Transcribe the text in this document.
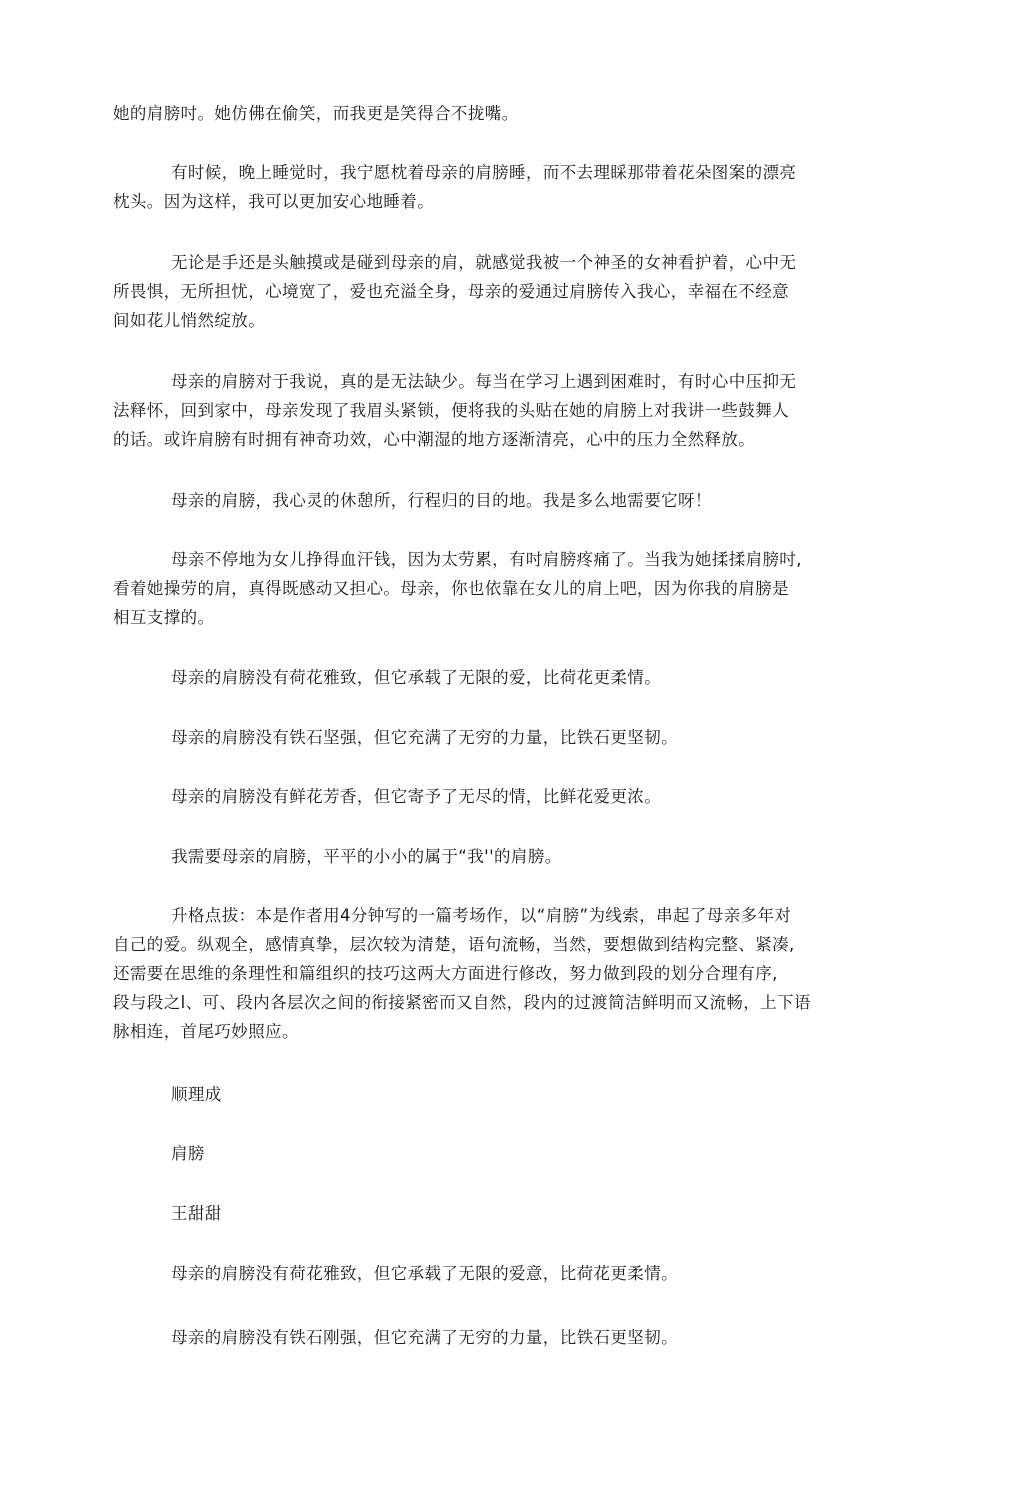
她的肩膀吋。她仿佛在偷笑，而我更是笑得合不拢嘴。
有时候，晚上睡觉时，我宁愿枕着母亲的肩膀睡，而不去理睬那带着花朵图案的漂亮
枕头。因为这样，我可以更加安心地睡着。
无论是手还是头触摸或是碰到母亲的肩，就感觉我被一个神圣的女神看护着，心中无
所畏惧，无所担忧，心境宽了，爱也充溢全身，母亲的爱通过肩膀传入我心，幸福在不经意
间如花儿悄然绽放。
母亲的肩膀对于我说，真的是无法缺少。每当在学习上遇到困难时，有时心中压抑无
法释怀，回到家中，母亲发现了我眉头紧锁，便将我的头贴在她的肩膀上对我讲一些鼓舞人
的话。或许肩膀有时拥有神奇功效，心中潮湿的地方逐渐清亮，心中的压力全然释放。
母亲的肩膀，我心灵的休憩所，行程归的目的地。我是多么地需要它呀！
母亲不停地为女儿挣得血汗钱，因为太劳累，有吋肩膀疼痛了。当我为她揉揉肩膀吋,
看着她操劳的肩，真得既感动又担心。母亲，你也依靠在女儿的肩上吧，因为你我的肩膀是
相互支撑的。
母亲的肩膀没有荷花雅致，但它承载了无限的爱，比荷花更柔情。
母亲的肩膀没有铁石坚强，但它充满了无穷的力量，比铁石更坚韧。
母亲的肩膀没有鲜花芳香，但它寄予了无尽的情，比鲜花爱更浓。
我需要母亲的肩膀，平平的小小的属于“我''的肩膀。
升格点拔：本是作者用4分钟写的一篇考场作，以“肩膀”为线索，串起了母亲多年对
自己的爱。纵观全，感情真挚，层次较为清楚，语句流畅，当然，要想做到结构完整、紧凑,
还需要在思维的条理性和篇组织的技巧这两大方面进行修改，努力做到段的划分合理有序,
段与段之l、可、段内各层次之间的衔接紧密而又自然，段内的过渡简洁鲜明而又流畅，上下语
脉相连，首尾巧妙照应。
顺理成
肩膀
王甜甜
母亲的肩膀没有荷花雅致，但它承载了无限的爱意，比荷花更柔情。
母亲的肩膀没有铁石刚强，但它充满了无穷的力量，比铁石更坚韧。
